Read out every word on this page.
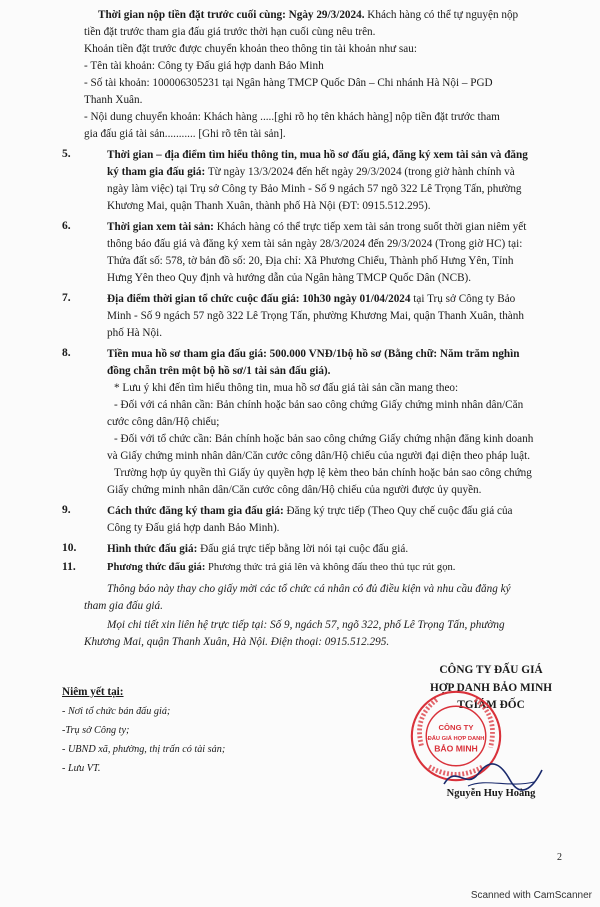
Thời gian nộp tiền đặt trước cuối cùng: Ngày 29/3/2024. Khách hàng có thể tự nguyện nộp
tiền đặt trước tham gia đấu giá trước thời hạn cuối cùng nêu trên.
Khoản tiền đặt trước được chuyển khoản theo thông tin tài khoản như sau:
- Tên tài khoản: Công ty Đấu giá hợp danh Bảo Minh
- Số tài khoản: 100006305231 tại Ngân hàng TMCP Quốc Dân – Chi nhánh Hà Nội – PGD
Thanh Xuân.
- Nội dung chuyển khoản: Khách hàng .....[ghi rõ họ tên khách hàng] nộp tiền đặt trước tham
gia đấu giá tài sản........... [Ghi rõ tên tài sản].
5.	Thời gian – địa điểm tìm hiểu thông tin, mua hồ sơ đấu giá, đăng ký xem tài sản và đăng
ký tham gia đấu giá: Từ ngày 13/3/2024 đến hết ngày 29/3/2024 (trong giờ hành chính và
ngày làm việc) tại Trụ sở Công ty Bảo Minh - Số 9 ngách 57 ngõ 322 Lê Trọng Tấn, phường
Khương Mai, quận Thanh Xuân, thành phố Hà Nội (ĐT: 0915.512.295).
6.	Thời gian xem tài sản: Khách hàng có thể trực tiếp xem tài sản trong suốt thời gian niêm yết
thông báo đấu giá và đăng ký xem tài sản ngày 28/3/2024 đến 29/3/2024 (Trong giờ HC) tại:
Thửa đất số: 578, tờ bản đồ số: 20, Địa chỉ: Xã Phương Chiểu, Thành phố Hưng Yên, Tỉnh
Hưng Yên theo Quy định và hướng dẫn của Ngân hàng TMCP Quốc Dân (NCB).
7.	Địa điểm thời gian tổ chức cuộc đấu giá: 10h30 ngày 01/04/2024 tại Trụ sở Công ty Bảo
Minh - Số 9 ngách 57 ngõ 322 Lê Trọng Tấn, phường Khương Mai, quận Thanh Xuân, thành
phố Hà Nội.
8.	Tiền mua hồ sơ tham gia đấu giá: 500.000 VNĐ/1bộ hồ sơ (Bằng chữ: Năm trăm nghìn
đồng chẵn trên một bộ hồ sơ/1 tài sản đấu giá).
* Lưu ý khi đến tìm hiểu thông tin, mua hồ sơ đấu giá tài sản cần mang theo:
- Đối với cá nhân cần: Bản chính hoặc bản sao công chứng Giấy chứng minh nhân dân/Căn
cước công dân/Hộ chiếu;
- Đối với tổ chức cần: Bản chính hoặc bản sao công chứng Giấy chứng nhận đăng kinh doanh
và Giấy chứng minh nhân dân/Căn cước công dân/Hộ chiếu của người đại diện theo pháp luật.
Trường hợp ủy quyền thì Giấy ủy quyền hợp lệ kèm theo bản chính hoặc bản sao công chứng
Giấy chứng minh nhân dân/Căn cước công dân/Hộ chiếu của người được ủy quyền.
9.	Cách thức đăng ký tham gia đấu giá: Đăng ký trực tiếp (Theo Quy chế cuộc đấu giá của
Công ty Đấu giá hợp danh Bảo Minh).
10.	Hình thức đấu giá: Đấu giá trực tiếp bằng lời nói tại cuộc đấu giá.
11.	Phương thức đấu giá: Phương thức trả giá lên và không đấu theo thủ tục rút gọn.
Thông báo này thay cho giấy mời các tổ chức cá nhân có đủ điều kiện và nhu cầu đăng ký
tham gia đấu giá.
Mọi chi tiết xin liên hệ trực tiếp tại: Số 9, ngách 57, ngõ 322, phố Lê Trọng Tấn, phường
Khương Mai, quận Thanh Xuân, Hà Nội. Điện thoại: 0915.512.295.
Niêm yết tại:
- Nơi tổ chức bán đấu giá;
-Trụ sở Công ty;
- UBND xã, phường, thị trấn có tài sản;
- Lưu VT.
CÔNG TY ĐẤU GIÁ
HỢP DANH BẢO MINH
TGIÁM ĐỐC
CÔNG TY
ĐẤU GIÁ HỢP DANH
BẢO MINH
Nguyễn Huy Hoàng
2
Scanned with CamScanner
